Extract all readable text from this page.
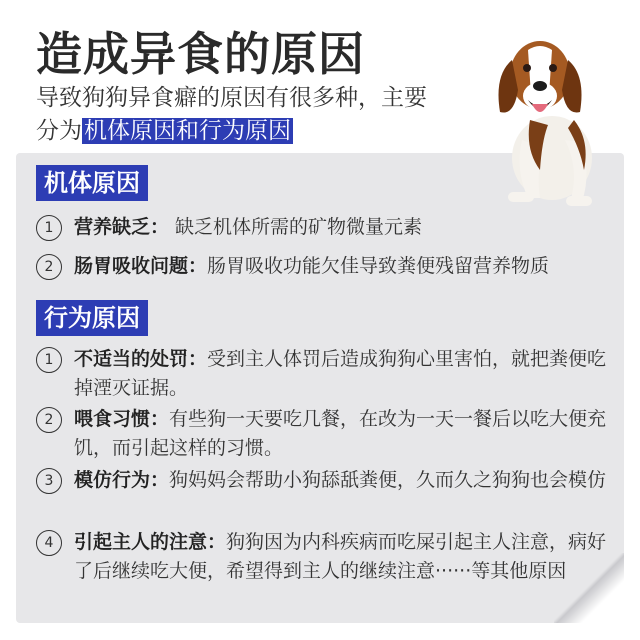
造成异食的原因
导致狗狗异食癖的原因有很多种，主要
分为机体原因和行为原因
机体原因
1	营养缺乏： 缺乏机体所需的矿物微量元素
2	肠胃吸收问题：肠胃吸收功能欠佳导致粪便残留营养物质
行为原因
1	不适当的处罚：受到主人体罚后造成狗狗心里害怕，就把粪便吃掉湮灭证据。
2	喂食习惯：有些狗一天要吃几餐，在改为一天一餐后以吃大便充饥，而引起这样的习惯。
3	模仿行为：狗妈妈会帮助小狗舔舐粪便，久而久之狗狗也会模仿
4	引起主人的注意：狗狗因为内科疾病而吃屎引起主人注意，病好了后继续吃大便，希望得到主人的继续注意······等其他原因
